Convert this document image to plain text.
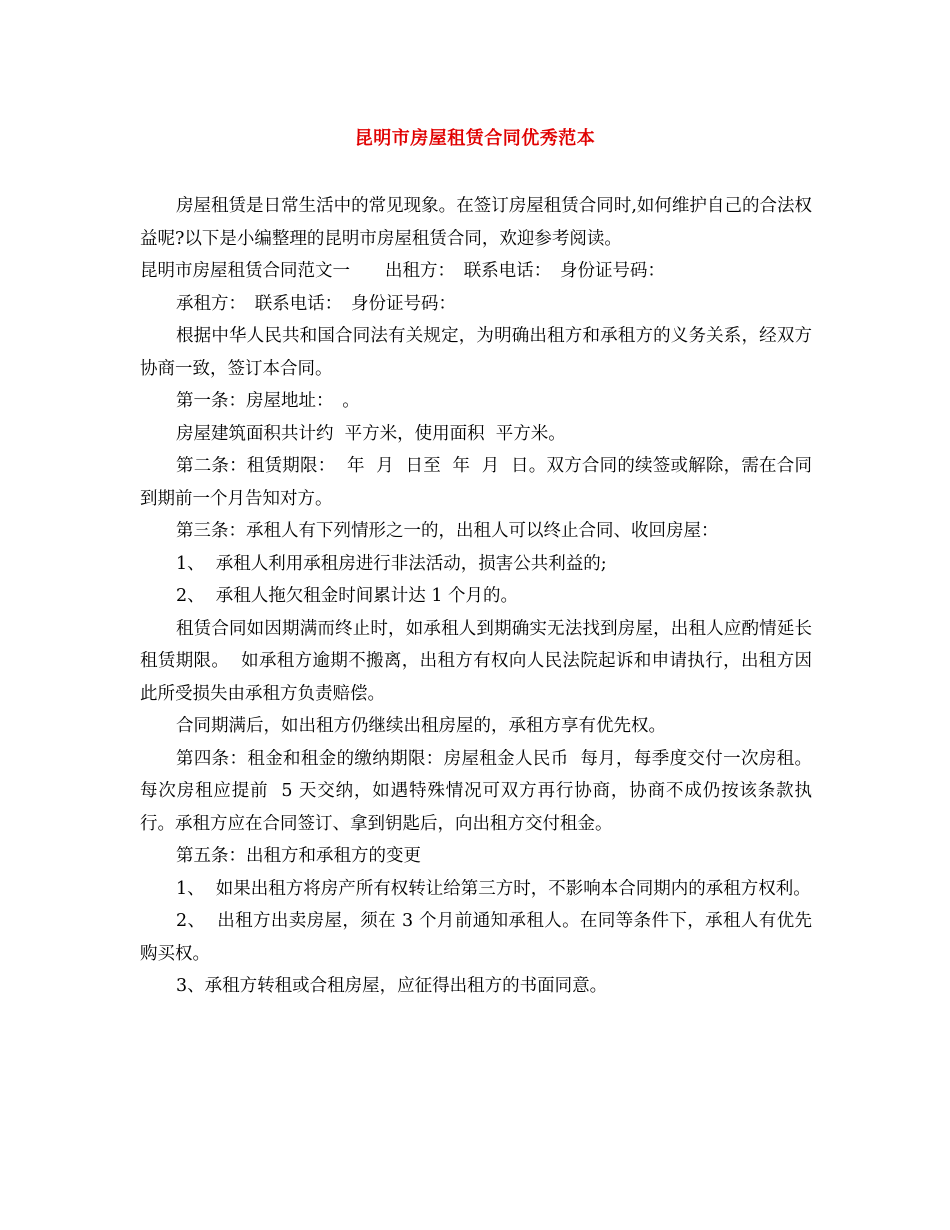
昆明市房屋租赁合同优秀范本

房屋租赁是日常生活中的常见现象。在签订房屋租赁合同时,如何维护自己的合法权益呢?以下是小编整理的昆明市房屋租赁合同，欢迎参考阅读。

昆明市房屋租赁合同范文一　　出租方：　联系电话：　身份证号码：

承租方：　联系电话：　身份证号码：

根据中华人民共和国合同法有关规定，为明确出租方和承租方的义务关系，经双方协商一致，签订本合同。

第一条：房屋地址：　。

房屋建筑面积共计约  平方米，使用面积  平方米。

第二条：租赁期限：  年  月  日至  年  月  日。双方合同的续签或解除，需在合同到期前一个月告知对方。

第三条：承租人有下列情形之一的，出租人可以终止合同、收回房屋：

1、  承租人利用承租房进行非法活动，损害公共利益的;

2、  承租人拖欠租金时间累计达 1 个月的。

租赁合同如因期满而终止时，如承租人到期确实无法找到房屋，出租人应酌情延长租赁期限。  如承租方逾期不搬离，出租方有权向人民法院起诉和申请执行，出租方因此所受损失由承租方负责赔偿。

合同期满后，如出租方仍继续出租房屋的，承租方享有优先权。

第四条：租金和租金的缴纳期限：房屋租金人民币  每月，每季度交付一次房租。每次房租应提前  5 天交纳，如遇特殊情况可双方再行协商，协商不成仍按该条款执行。承租方应在合同签订、拿到钥匙后，向出租方交付租金。

第五条：出租方和承租方的变更

1、  如果出租方将房产所有权转让给第三方时，不影响本合同期内的承租方权利。

2、  出租方出卖房屋，须在 3 个月前通知承租人。在同等条件下，承租人有优先购买权。

3、承租方转租或合租房屋，应征得出租方的书面同意。
